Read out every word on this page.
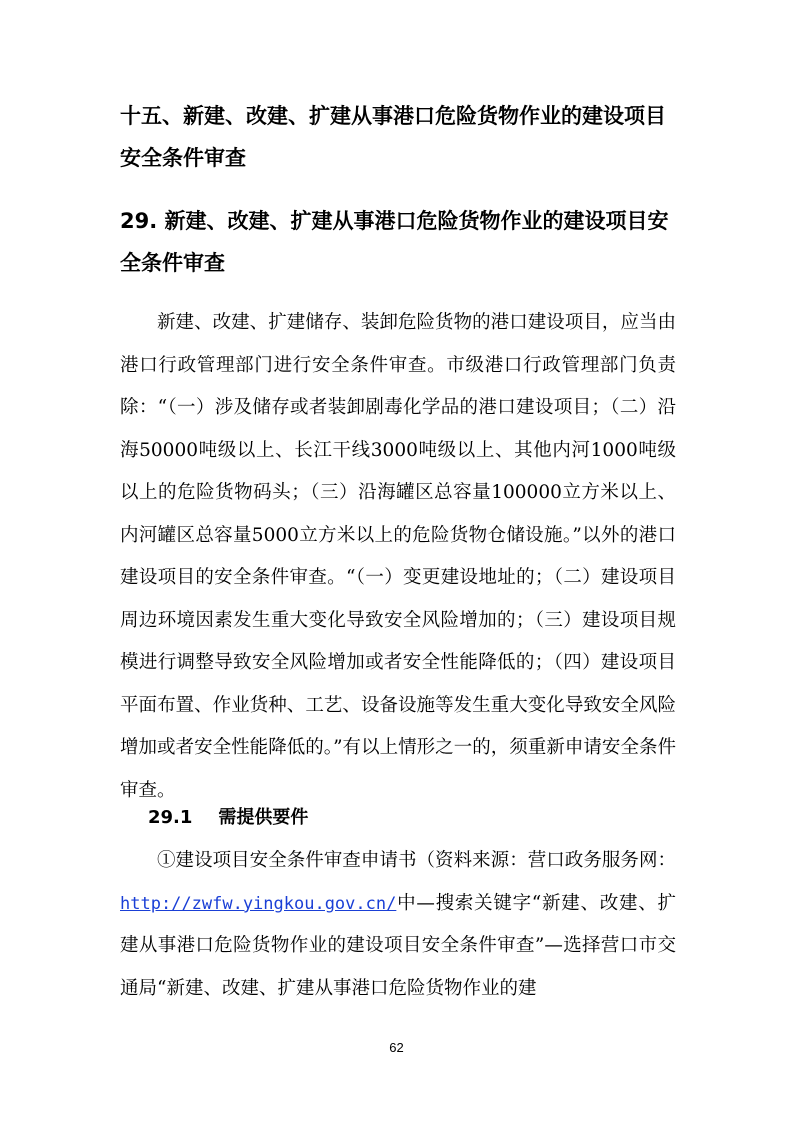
十五、新建、改建、扩建从事港口危险货物作业的建设项目安全条件审查
29. 新建、改建、扩建从事港口危险货物作业的建设项目安全条件审查

新建、改建、扩建储存、装卸危险货物的港口建设项目，应当由港口行政管理部门进行安全条件审查。市级港口行政管理部门负责除：“（一）涉及储存或者装卸剧毒化学品的港口建设项目；（二）沿海50000吨级以上、长江干线3000吨级以上、其他内河1000吨级以上的危险货物码头；（三）沿海罐区总容量100000立方米以上、内河罐区总容量5000立方米以上的危险货物仓储设施。”以外的港口建设项目的安全条件审查。“（一）变更建设地址的；（二）建设项目周边环境因素发生重大变化导致安全风险增加的；（三）建设项目规模进行调整导致安全风险增加或者安全性能降低的；（四）建设项目平面布置、作业货种、工艺、设备设施等发生重大变化导致安全风险增加或者安全性能降低的。”有以上情形之一的，须重新申请安全条件审查。

29.1 需提供要件

①建设项目安全条件审查申请书（资料来源：营口政务服务网：http://zwfw.yingkou.gov.cn/中—搜索关键字“新建、改建、扩建从事港口危险货物作业的建设项目安全条件审查”—选择营口市交通局“新建、改建、扩建从事港口危险货物作业的建

62
